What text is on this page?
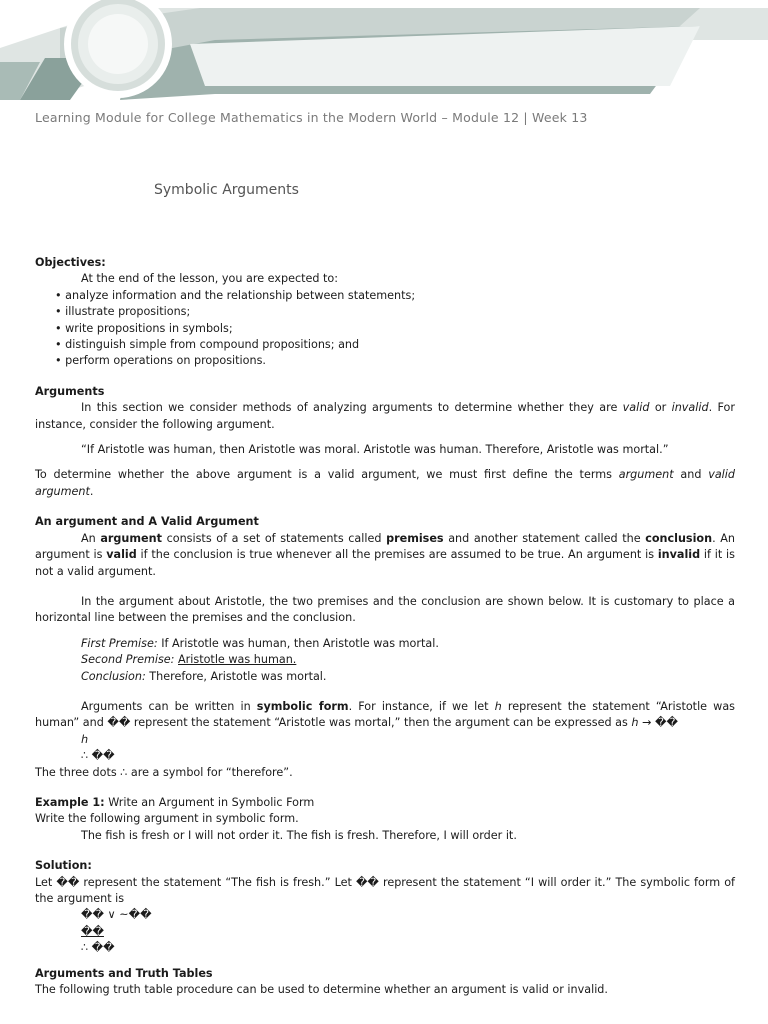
Learning Module for College Mathematics in the Modern World – Module 12 | Week 13
Symbolic Arguments

Objectives:

At the end of the lesson, you are expected to:

• analyze information and the relationship between statements;

• illustrate propositions;

• write propositions in symbols;

• distinguish simple from compound propositions; and

• perform operations on propositions.

Arguments

In this section we consider methods of analyzing arguments to determine whether they are valid or invalid. For instance, consider the following argument.

“If Aristotle was human, then Aristotle was moral. Aristotle was human. Therefore, Aristotle was mortal.”

To determine whether the above argument is a valid argument, we must first define the terms argument and valid argument.

An argument and A Valid Argument

An argument consists of a set of statements called premises and another statement called the conclusion. An argument is valid if the conclusion is true whenever all the premises are assumed to be true. An argument is invalid if it is not a valid argument.

In the argument about Aristotle, the two premises and the conclusion are shown below. It is customary to place a horizontal line between the premises and the conclusion.

First Premise: If Aristotle was human, then Aristotle was mortal.

Second Premise: Aristotle was human.

Conclusion: Therefore, Aristotle was mortal.

Arguments can be written in symbolic form. For instance, if we let ℎ represent the statement “Aristotle was human” and �� represent the statement “Aristotle was mortal,” then the argument can be expressed as ℎ → ��

ℎ

∴ ��

The three dots ∴ are a symbol for “therefore”.

Example 1: Write an Argument in Symbolic Form

Write the following argument in symbolic form.

The fish is fresh or I will not order it. The fish is fresh. Therefore, I will order it.

Solution:

Let �� represent the statement “The fish is fresh.” Let �� represent the statement “I will order it.” The symbolic form of the argument is

�� ∨ ~��

��

∴ ��

Arguments and Truth Tables

The following truth table procedure can be used to determine whether an argument is valid or invalid.
